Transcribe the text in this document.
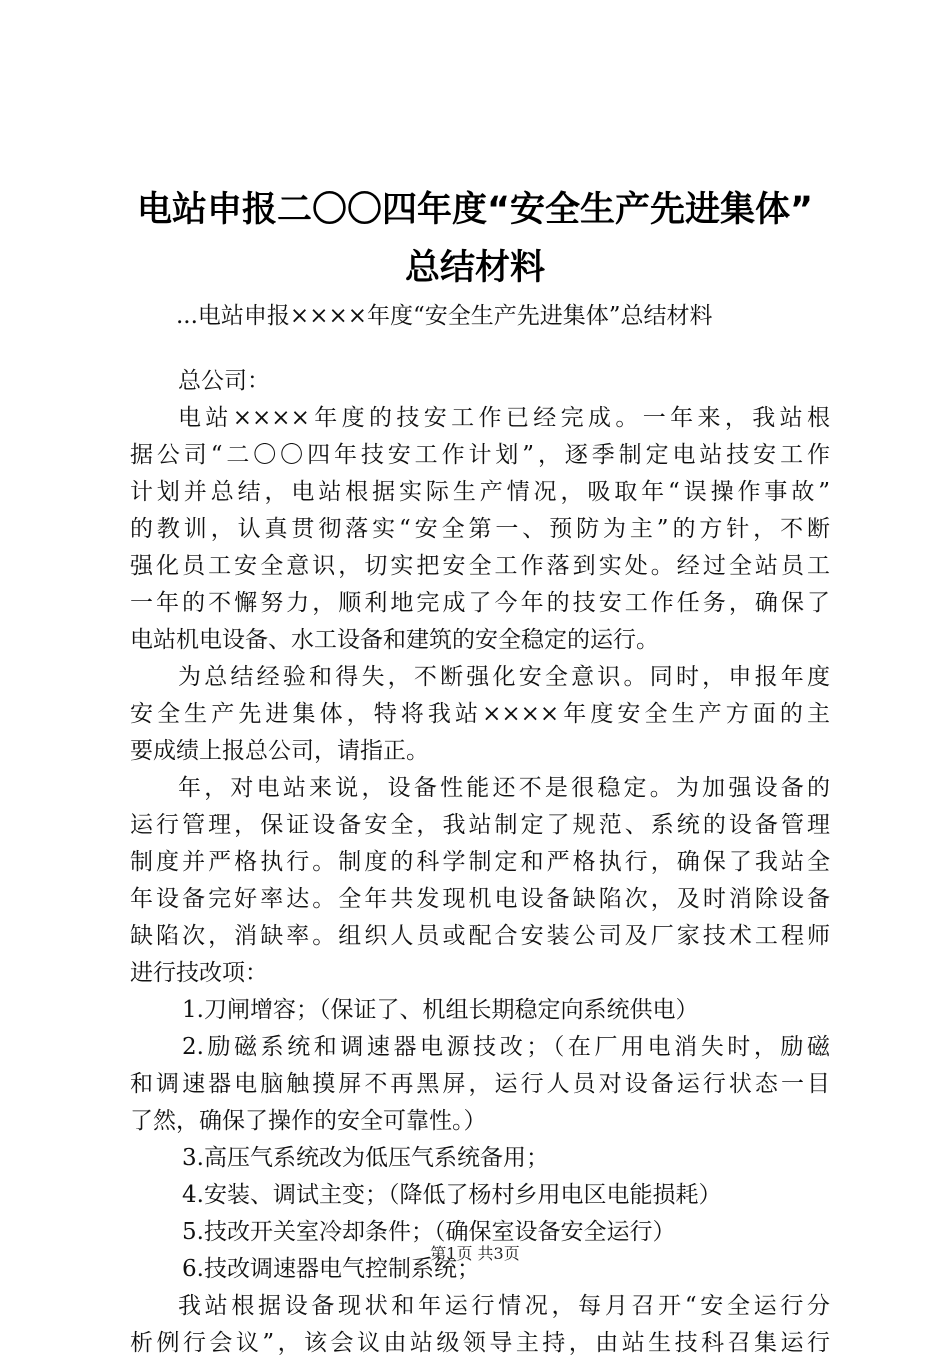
电站申报二〇〇四年度“安全生产先进集体”
总结材料
...电站申报××××年度“安全生产先进集体”总结材料
总公司：
电站××××年度的技安工作已经完成。一年来，我站根
据公司“二〇〇四年技安工作计划”，逐季制定电站技安工作
计划并总结，电站根据实际生产情况，吸取年“误操作事故”
的教训，认真贯彻落实“安全第一、预防为主”的方针，不断
强化员工安全意识，切实把安全工作落到实处。经过全站员工
一年的不懈努力，顺利地完成了今年的技安工作任务，确保了
电站机电设备、水工设备和建筑的安全稳定的运行。
为总结经验和得失，不断强化安全意识。同时，申报年度
安全生产先进集体，特将我站××××年度安全生产方面的主
要成绩上报总公司，请指正。
年，对电站来说，设备性能还不是很稳定。为加强设备的
运行管理，保证设备安全，我站制定了规范、系统的设备管理
制度并严格执行。制度的科学制定和严格执行，确保了我站全
年设备完好率达。全年共发现机电设备缺陷次，及时消除设备
缺陷次，消缺率。组织人员或配合安装公司及厂家技术工程师
进行技改项：
1.刀闸增容；（保证了、机组长期稳定向系统供电）
2.励磁系统和调速器电源技改；（在厂用电消失时，励磁
和调速器电脑触摸屏不再黑屏，运行人员对设备运行状态一目
了然，确保了操作的安全可靠性。）
3.高压气系统改为低压气系统备用；
4.安装、调试主变；（降低了杨村乡用电区电能损耗）
5.技改开关室冷却条件；（确保室设备安全运行）
6.技改调速器电气控制系统；
我站根据设备现状和年运行情况，每月召开“安全运行分
析例行会议”，该会议由站级领导主持，由站生技科召集运行
第1页 共3页
